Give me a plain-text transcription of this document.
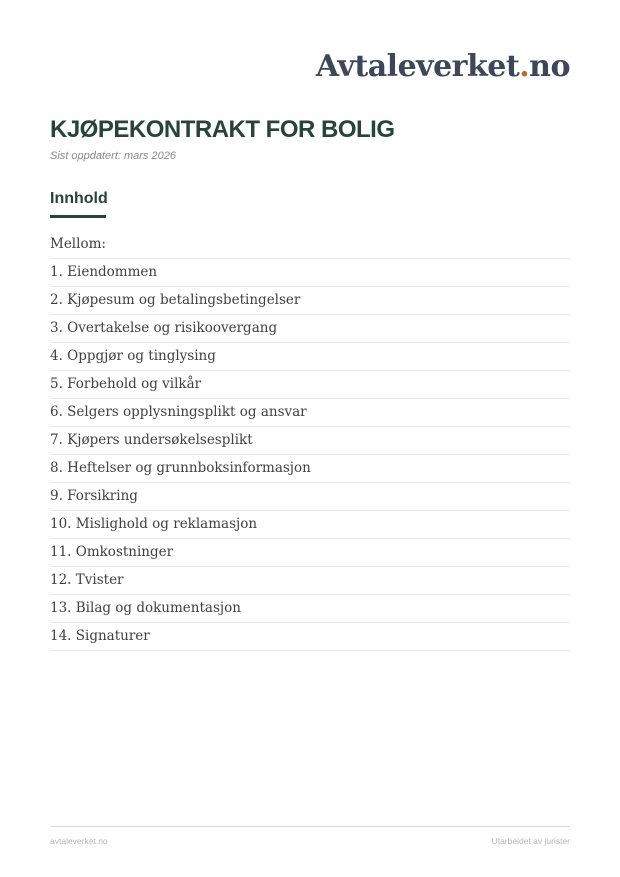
Avtaleverket.no
KJØPEKONTRAKT FOR BOLIG

Sist oppdatert: mars 2026

Innhold
Mellom:
1. Eiendommen
2. Kjøpesum og betalingsbetingelser
3. Overtakelse og risikoovergang
4. Oppgjør og tinglysing
5. Forbehold og vilkår
6. Selgers opplysningsplikt og ansvar
7. Kjøpers undersøkelsesplikt
8. Heftelser og grunnboksinformasjon
9. Forsikring
10. Mislighold og reklamasjon
11. Omkostninger
12. Tvister
13. Bilag og dokumentasjon
14. Signaturer
avtaleverket.no	Utarbeidet av jurister
